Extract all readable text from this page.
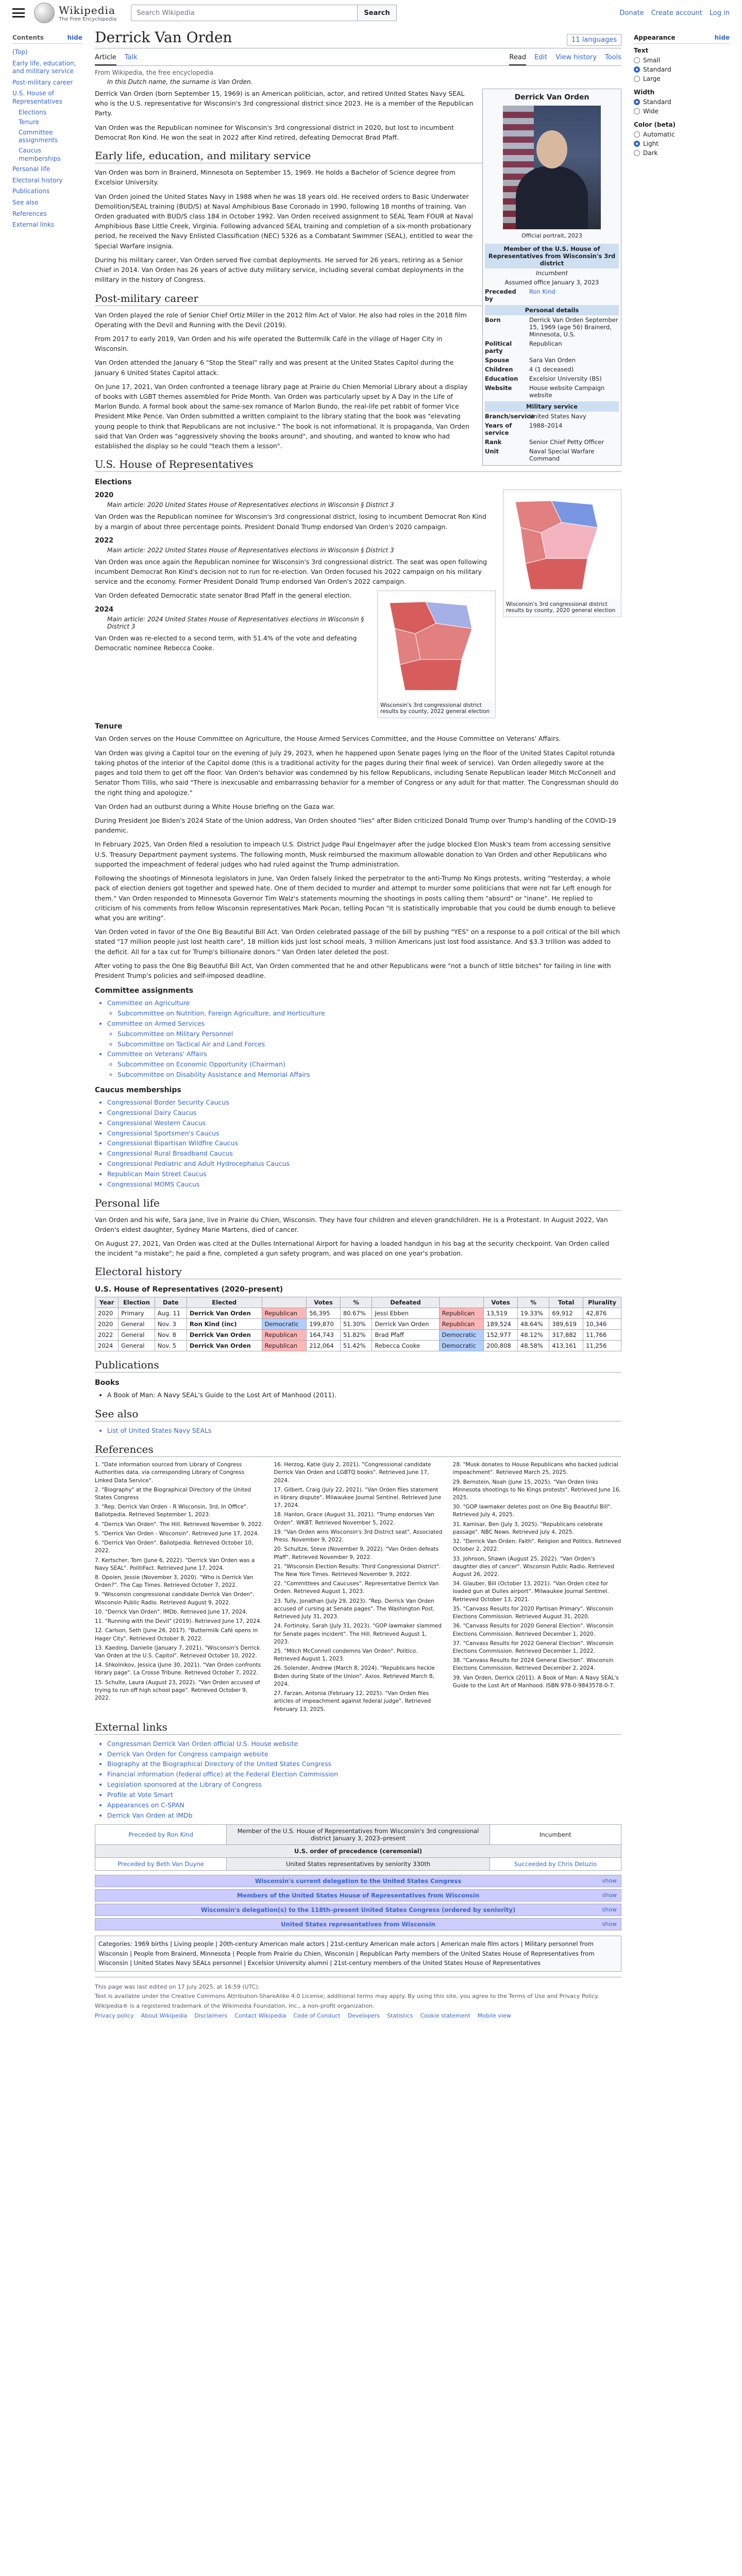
Wikipedia
The Free Encyclopedia
Search Wikipedia
Search	Donate Create account Log in
Contents	hide
(Top)
Early life, education, and military service
Post-military career
U.S. House of Representatives
Elections
Tenure
Committee assignments
Caucus memberships
Personal life
Electoral history
Publications
See also
References
External links
Derrick Van Orden	11 languages
Article Talk	Read Edit View history Tools
From Wikipedia, the free encyclopedia
In this Dutch name, the surname is Van Orden.
Derrick Van Orden
Official portrait, 2023
Member of the U.S. House of Representatives from Wisconsin's 3rd district
Incumbent
Assumed office January 3, 2023
Preceded by
Ron Kind
Personal details
Born	Derrick Van Orden September 15, 1969 (age 56) Brainerd, Minnesota, U.S.
Political party
Republican
Spouse	Sara Van Orden
Children	4 (1 deceased)
Education	Excelsior University (BS)
Website	House website Campaign website
Military service
Branch/service
United States Navy
Years of service
1988–2014
Rank	Senior Chief Petty Officer
Unit	Naval Special Warfare Command

Derrick Van Orden (born September 15, 1969) is an American politician, actor, and retired United States Navy SEAL who is the U.S. representative for Wisconsin's 3rd congressional district since 2023. He is a member of the Republican Party.

Van Orden was the Republican nominee for Wisconsin's 3rd congressional district in 2020, but lost to incumbent Democrat Ron Kind. He won the seat in 2022 after Kind retired, defeating Democrat Brad Pfaff.

Early life, education, and military service

Van Orden was born in Brainerd, Minnesota on September 15, 1969. He holds a Bachelor of Science degree from Excelsior University.

Van Orden joined the United States Navy in 1988 when he was 18 years old. He received orders to Basic Underwater Demolition/SEAL training (BUD/S) at Naval Amphibious Base Coronado in 1990, following 18 months of training. Van Orden graduated with BUD/S class 184 in October 1992. Van Orden received assignment to SEAL Team FOUR at Naval Amphibious Base Little Creek, Virginia. Following advanced SEAL training and completion of a six-month probationary period, he received the Navy Enlisted Classification (NEC) 5326 as a Combatant Swimmer (SEAL), entitled to wear the Special Warfare insignia.

During his military career, Van Orden served five combat deployments. He served for 26 years, retiring as a Senior Chief in 2014. Van Orden has 26 years of active duty military service, including several combat deployments in the military in the history of Congress.

Post-military career

Van Orden played the role of Senior Chief Ortiz Miller in the 2012 film Act of Valor. He also had roles in the 2018 film Operating with the Devil and Running with the Devil (2019).

From 2017 to early 2019, Van Orden and his wife operated the Buttermilk Café in the village of Hager City in Wisconsin.

Van Orden attended the January 6 "Stop the Steal" rally and was present at the United States Capitol during the January 6 United States Capitol attack.

On June 17, 2021, Van Orden confronted a teenage library page at Prairie du Chien Memorial Library about a display of books with LGBT themes assembled for Pride Month. Van Orden was particularly upset by A Day in the Life of Marlon Bundo. A formal book about the same-sex romance of Marlon Bundo, the real-life pet rabbit of former Vice President Mike Pence. Van Orden submitted a written complaint to the library stating that the book was "elevating young people to think that Republicans are not inclusive." The book is not informational. It is propaganda, Van Orden said that Van Orden was "aggressively shoving the books around", and shouting, and wanted to know who had established the display so he could "teach them a lesson".

U.S. House of Representatives
Elections
Wisconsin's 3rd congressional district results by county, 2020 general election
2020
Main article: 2020 United States House of Representatives elections in Wisconsin § District 3

Van Orden was the Republican nominee for Wisconsin's 3rd congressional district, losing to incumbent Democrat Ron Kind by a margin of about three percentage points. President Donald Trump endorsed Van Orden's 2020 campaign.

2022
Main article: 2022 United States House of Representatives elections in Wisconsin § District 3

Van Orden was once again the Republican nominee for Wisconsin's 3rd congressional district. The seat was open following incumbent Democrat Ron Kind's decision not to run for re-election. Van Orden focused his 2022 campaign on his military service and the economy. Former President Donald Trump endorsed Van Orden's 2022 campaign.

Wisconsin's 3rd congressional district results by county, 2022 general election

Van Orden defeated Democratic state senator Brad Pfaff in the general election.

2024
Main article: 2024 United States House of Representatives elections in Wisconsin § District 3

Van Orden was re-elected to a second term, with 51.4% of the vote and defeating Democratic nominee Rebecca Cooke.

Tenure

Van Orden serves on the House Committee on Agriculture, the House Armed Services Committee, and the House Committee on Veterans' Affairs.

Van Orden was giving a Capitol tour on the evening of July 29, 2023, when he happened upon Senate pages lying on the floor of the United States Capitol rotunda taking photos of the interior of the Capitol dome (this is a traditional activity for the pages during their final week of service). Van Orden allegedly swore at the pages and told them to get off the floor. Van Orden's behavior was condemned by his fellow Republicans, including Senate Republican leader Mitch McConnell and Senator Thom Tillis, who said "There is inexcusable and embarrassing behavior for a member of Congress or any adult for that matter. The Congressman should do the right thing and apologize."

Van Orden had an outburst during a White House briefing on the Gaza war.

During President Joe Biden's 2024 State of the Union address, Van Orden shouted "lies" after Biden criticized Donald Trump over Trump's handling of the COVID-19 pandemic.

In February 2025, Van Orden filed a resolution to impeach U.S. District Judge Paul Engelmayer after the judge blocked Elon Musk's team from accessing sensitive U.S. Treasury Department payment systems. The following month, Musk reimbursed the maximum allowable donation to Van Orden and other Republicans who supported the impeachment of federal judges who had ruled against the Trump administration.

Following the shootings of Minnesota legislators in June, Van Orden falsely linked the perpetrator to the anti-Trump No Kings protests, writing "Yesterday, a whole pack of election deniers got together and spewed hate. One of them decided to murder and attempt to murder some politicians that were not far Left enough for them." Van Orden responded to Minnesota Governor Tim Walz's statements mourning the shootings in posts calling them "absurd" or "inane". He replied to criticism of his comments from fellow Wisconsin representatives Mark Pocan, telling Pocan "It is statistically improbable that you could be dumb enough to believe what you are writing".

Van Orden voted in favor of the One Big Beautiful Bill Act. Van Orden celebrated passage of the bill by pushing "YES" on a response to a poll critical of the bill which stated "17 million people just lost health care", 18 million kids just lost school meals, 3 million Americans just lost food assistance. And $3.3 trillion was added to the deficit. All for a tax cut for Trump's billionaire donors." Van Orden later deleted the post.

After voting to pass the One Big Beautiful Bill Act, Van Orden commented that he and other Republicans were "not a bunch of little bitches" for failing in line with President Trump's policies and self-imposed deadline.

Committee assignments
• Committee on Agriculture
◦ Subcommittee on Nutrition, Foreign Agriculture, and Horticulture
• Committee on Armed Services
◦ Subcommittee on Military Personnel
◦ Subcommittee on Tactical Air and Land Forces
• Committee on Veterans' Affairs
◦ Subcommittee on Economic Opportunity (Chairman)
◦ Subcommittee on Disability Assistance and Memorial Affairs
Caucus memberships
• Congressional Border Security Caucus
• Congressional Dairy Caucus
• Congressional Western Caucus
• Congressional Sportsmen's Caucus
• Congressional Bipartisan Wildfire Caucus
• Congressional Rural Broadband Caucus
• Congressional Pediatric and Adult Hydrocephalus Caucus
• Republican Main Street Caucus
• Congressional MOMS Caucus
Personal life

Van Orden and his wife, Sara Jane, live in Prairie du Chien, Wisconsin. They have four children and eleven grandchildren. He is a Protestant. In August 2022, Van Orden's eldest daughter, Sydney Marie Martens, died of cancer.

On August 27, 2021, Van Orden was cited at the Dulles International Airport for having a loaded handgun in his bag at the security checkpoint. Van Orden called the incident "a mistake"; he paid a fine, completed a gun safety program, and was placed on one year's probation.

Electoral history
U.S. House of Representatives (2020–present)
Year	Election	Date	Elected		Votes	%	Defeated		Votes	%	Total	Plurality
2020	Primary	Aug. 11	Derrick Van Orden	Republican	56,395	80.67%	Jessi Ebben	Republican	13,519	19.33%	69,912	42,876
2020	General	Nov. 3	Ron Kind (inc)	Democratic	199,870	51.30%	Derrick Van Orden	Republican	189,524	48.64%	389,619	10,346
2022	General	Nov. 8	Derrick Van Orden	Republican	164,743	51.82%	Brad Pfaff	Democratic	152,977	48.12%	317,882	11,766
2024	General	Nov. 5	Derrick Van Orden	Republican	212,064	51.42%	Rebecca Cooke	Democratic	200,808	48.58%	413,161	11,256
Publications
Books
• A Book of Man: A Navy SEAL's Guide to the Lost Art of Manhood (2011).
See also
• List of United States Navy SEALs
References
1. "Date information sourced from Library of Congress Authorities data, via corresponding Library of Congress Linked Data Service".
2. "Biography" at the Biographical Directory of the United States Congress
3. "Rep. Derrick Van Orden - R Wisconsin, 3rd, In Office". Ballotpedia. Retrieved September 1, 2023.
4. "Derrick Van Orden". The Hill. Retrieved November 9, 2022.
5. "Derrick Van Orden - Wisconsin". Retrieved June 17, 2024.
6. "Derrick Van Orden". Ballotpedia. Retrieved October 10, 2022.
7. Kertscher, Tom (June 6, 2022). "Derrick Van Orden was a Navy SEAL". PolitiFact. Retrieved June 17, 2024.
8. Opoien, Jessie (November 3, 2020). "Who is Derrick Van Orden?". The Cap Times. Retrieved October 7, 2022.
9. "Wisconsin congressional candidate Derrick Van Orden". Wisconsin Public Radio. Retrieved August 9, 2022.
10. "Derrick Van Orden". IMDb. Retrieved June 17, 2024.
11. "Running with the Devil" (2019). Retrieved June 17, 2024.
12. Carlson, Seth (June 26, 2017). "Buttermilk Café opens in Hager City". Retrieved October 8, 2022.
13. Kaeding, Danielle (January 7, 2021). "Wisconsin's Derrick Van Orden at the U.S. Capitol". Retrieved October 10, 2022.
14. Shkolnikov, Jessica (June 30, 2021). "Van Orden confronts library page". La Crosse Tribune. Retrieved October 7, 2022.
15. Schulte, Laura (August 23, 2022). "Van Orden accused of trying to run off high school page". Retrieved October 9, 2022.
16. Herzog, Katie (July 2, 2021). "Congressional candidate Derrick Van Orden and LGBTQ books". Retrieved June 17, 2024.
17. Gilbert, Craig (July 22, 2021). "Van Orden files statement in library dispute". Milwaukee Journal Sentinel. Retrieved June 17, 2024.
18. Hanlon, Grace (August 31, 2021). "Trump endorses Van Orden". WKBT. Retrieved November 5, 2022.
19. "Van Orden wins Wisconsin's 3rd District seat". Associated Press. November 9, 2022.
20. Schultze, Steve (November 9, 2022). "Van Orden defeats Pfaff". Retrieved November 9, 2022.
21. "Wisconsin Election Results: Third Congressional District". The New York Times. Retrieved November 9, 2022.
22. "Committees and Caucuses". Representative Derrick Van Orden. Retrieved August 1, 2023.
23. Tully, Jonathan (July 29, 2023). "Rep. Derrick Van Orden accused of cursing at Senate pages". The Washington Post. Retrieved July 31, 2023.
24. Fortinsky, Sarah (July 31, 2023). "GOP lawmaker slammed for Senate pages incident". The Hill. Retrieved August 1, 2023.
25. "Mitch McConnell condemns Van Orden". Politico. Retrieved August 1, 2023.
26. Solender, Andrew (March 8, 2024). "Republicans heckle Biden during State of the Union". Axios. Retrieved March 8, 2024.
27. Farzan, Antonia (February 12, 2025). "Van Orden files articles of impeachment against federal judge". Retrieved February 13, 2025.
28. "Musk donates to House Republicans who backed judicial impeachment". Retrieved March 25, 2025.
29. Bernstein, Noah (June 15, 2025). "Van Orden links Minnesota shootings to No Kings protests". Retrieved June 16, 2025.
30. "GOP lawmaker deletes post on One Big Beautiful Bill". Retrieved July 4, 2025.
31. Kamisar, Ben (July 3, 2025). "Republicans celebrate passage". NBC News. Retrieved July 4, 2025.
32. "Derrick Van Orden: Faith". Religion and Politics. Retrieved October 2, 2022.
33. Johnson, Shawn (August 25, 2022). "Van Orden's daughter dies of cancer". Wisconsin Public Radio. Retrieved August 26, 2022.
34. Glauber, Bill (October 13, 2021). "Van Orden cited for loaded gun at Dulles airport". Milwaukee Journal Sentinel. Retrieved October 13, 2021.
35. "Canvass Results for 2020 Partisan Primary". Wisconsin Elections Commission. Retrieved August 31, 2020.
36. "Canvass Results for 2020 General Election". Wisconsin Elections Commission. Retrieved December 1, 2020.
37. "Canvass Results for 2022 General Election". Wisconsin Elections Commission. Retrieved December 1, 2022.
38. "Canvass Results for 2024 General Election". Wisconsin Elections Commission. Retrieved December 2, 2024.
39. Van Orden, Derrick (2011). A Book of Man: A Navy SEAL's Guide to the Lost Art of Manhood. ISBN 978-0-9843578-0-7.
External links
• Congressman Derrick Van Orden official U.S. House website
• Derrick Van Orden for Congress campaign website
• Biography at the Biographical Directory of the United States Congress
• Financial information (federal office) at the Federal Election Commission
• Legislation sponsored at the Library of Congress
• Profile at Vote Smart
• Appearances on C-SPAN
• Derrick Van Orden at IMDb
Preceded by Ron Kind	Member of the U.S. House of Representatives from Wisconsin's 3rd congressional district January 3, 2023–present	Incumbent
U.S. order of precedence (ceremonial)		
Preceded by Beth Van Duyne	United States representatives by seniority 330th	Succeeded by Chris Deluzio
Wisconsin's current delegation to the United States Congress	show
Members of the United States House of Representatives from Wisconsin	show
Wisconsin's delegation(s) to the 118th–present United States Congress (ordered by seniority)	show
United States representatives from Wisconsin	show
Categories: 1969 births | Living people | 20th-century American male actors | 21st-century American male actors | American male film actors | Military personnel from Wisconsin | People from Brainerd, Minnesota | People from Prairie du Chien, Wisconsin | Republican Party members of the United States House of Representatives from Wisconsin | United States Navy SEALs personnel | Excelsior University alumni | 21st-century members of the United States House of Representatives
This page was last edited on 17 July 2025, at 16:59 (UTC).
Text is available under the Creative Commons Attribution-ShareAlike 4.0 License; additional terms may apply. By using this site, you agree to the Terms of Use and Privacy Policy. Wikipedia® is a registered trademark of the Wikimedia Foundation, Inc., a non-profit organization.
Privacy policy About Wikipedia Disclaimers Contact Wikipedia Code of Conduct Developers Statistics Cookie statement Mobile view
Appearance	hide
Text
Small
Standard
Large
Width
Standard
Wide
Color (beta)
Automatic
Light
Dark
